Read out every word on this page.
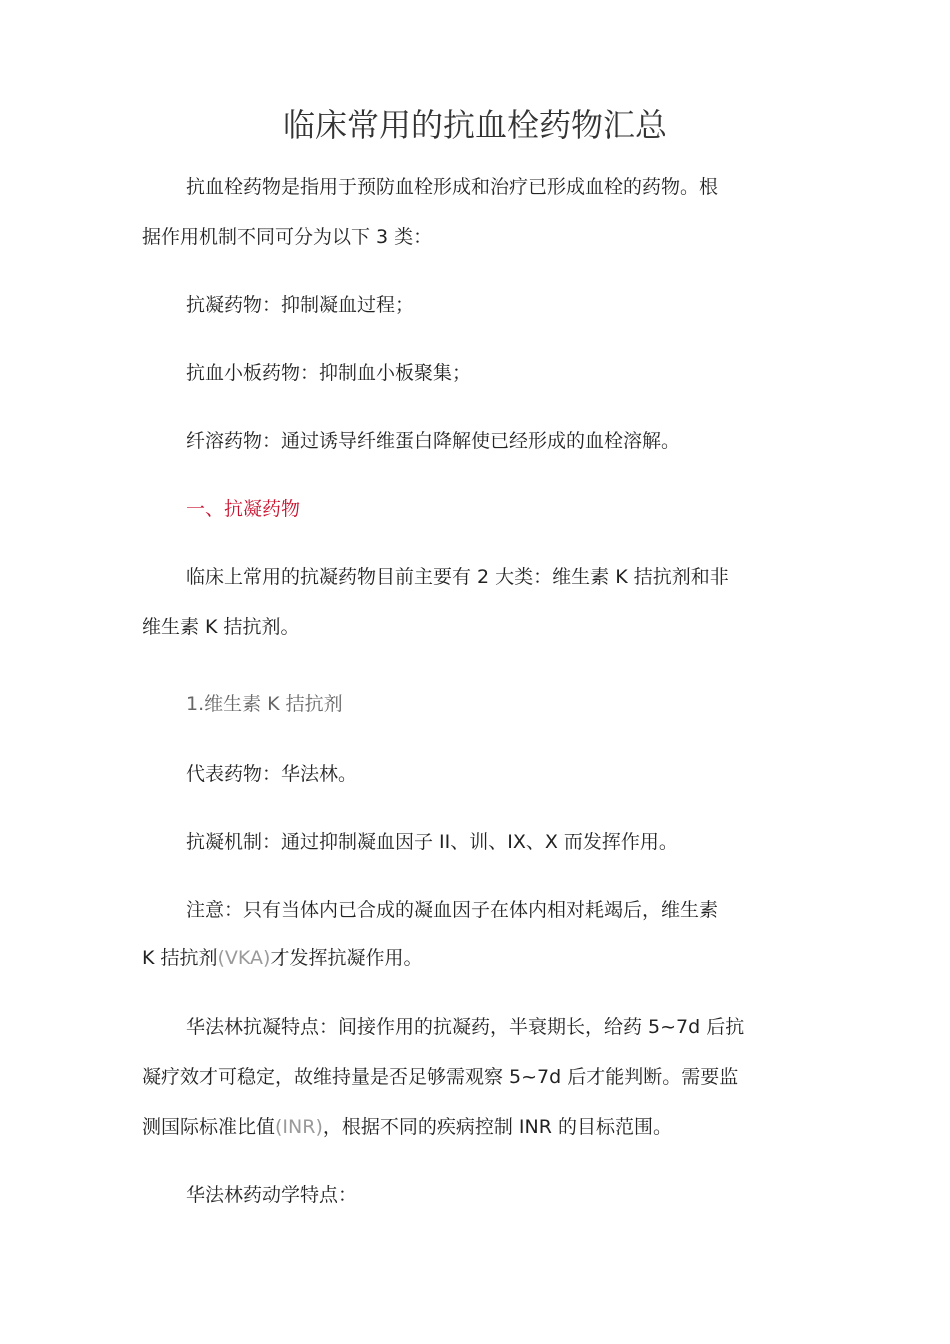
临床常用的抗血栓药物汇总
抗血栓药物是指用于预防血栓形成和治疗已形成血栓的药物。根
据作用机制不同可分为以下 3 类：
抗凝药物：抑制凝血过程；
抗血小板药物：抑制血小板聚集；
纤溶药物：通过诱导纤维蛋白降解使已经形成的血栓溶解。
一、抗凝药物
临床上常用的抗凝药物目前主要有 2 大类：维生素 K 拮抗剂和非
维生素 K 拮抗剂。
1.维生素 K 拮抗剂
代表药物：华法林。
抗凝机制：通过抑制凝血因子 II、训、IX、X 而发挥作用。
注意：只有当体内已合成的凝血因子在体内相对耗竭后，维生素
K 拮抗剂(VKA)才发挥抗凝作用。
华法林抗凝特点：间接作用的抗凝药，半衰期长，给药 5~7d 后抗
凝疗效才可稳定，故维持量是否足够需观察 5~7d 后才能判断。需要监
测国际标准比值(INR)，根据不同的疾病控制 INR 的目标范围。
华法林药动学特点：
